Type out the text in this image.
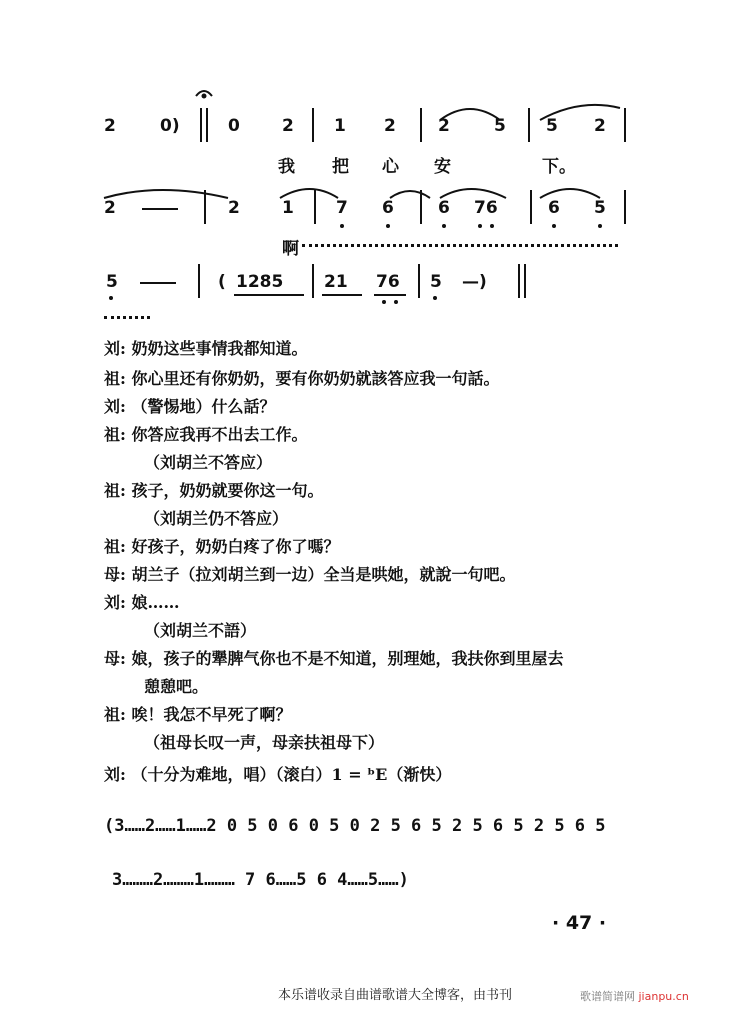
2	0)	0 2 1 2 2	5 5 2
我 把 心 安	下。
2	2 1 7 6	6 76	6 5
啊
5	( 1285 21 76 5 —)
刘: 奶奶这些事情我都知道。
祖: 你心里还有你奶奶，要有你奶奶就該答应我一句話。
刘: （警惕地）什么話？
祖: 你答应我再不出去工作。
（刘胡兰不答应）
祖: 孩子，奶奶就要你这一句。
（刘胡兰仍不答应）
祖: 好孩子，奶奶白疼了你了嗎？
母: 胡兰子（拉刘胡兰到一边）全当是哄她，就說一句吧。
刘: 娘……
（刘胡兰不語）
母: 娘，孩子的犟脾气你也不是不知道，别理她，我扶你到里屋去
憩憩吧。
祖: 唉！我怎不早死了啊？
（祖母长叹一声，母亲扶祖母下）
刘: （十分为难地，唱）（滚白）1 = ᵇE（渐快）
(3……2……1……2 0 5 0 6 0 5 0 2 5 6 5 2 5 6 5 2 5 6 5
3………2………1……… 7 6……5 6 4……5……)
· 47 ·
本乐谱收录自曲谱歌谱大全博客，由书刊	歌谱简谱网 jianpu.cn
